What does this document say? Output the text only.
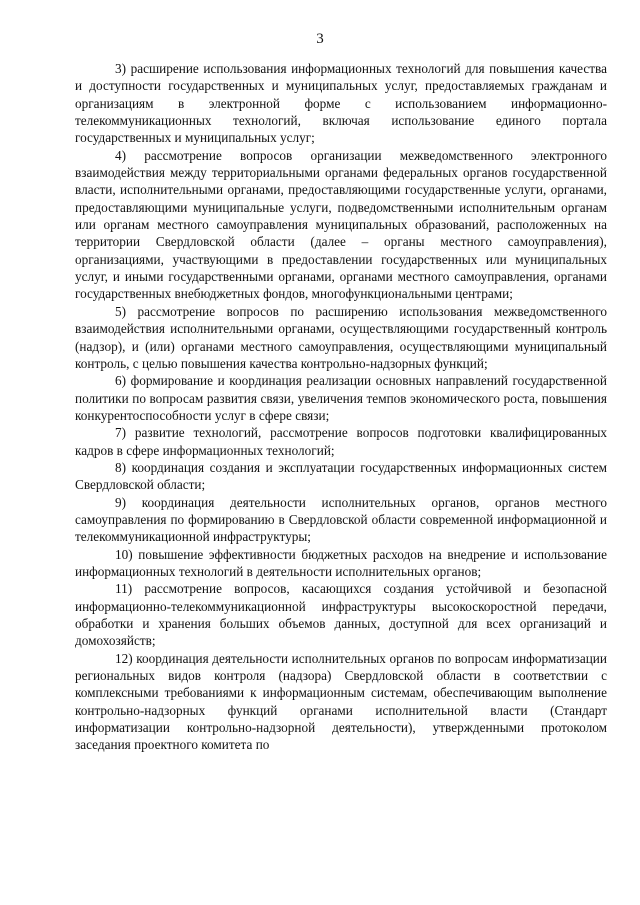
3

3) расширение использования информационных технологий для повышения качества и доступности государственных и муниципальных услуг, предоставляемых гражданам и организациям в электронной форме с использованием информационно-телекоммуникационных технологий, включая использование единого портала государственных и муниципальных услуг;

4) рассмотрение вопросов организации межведомственного электронного взаимодействия между территориальными органами федеральных органов государственной власти, исполнительными органами, предоставляющими государственные услуги, органами, предоставляющими муниципальные услуги, подведомственными исполнительным органам или органам местного самоуправления муниципальных образований, расположенных на территории Свердловской области (далее – органы местного самоуправления), организациями, участвующими в предоставлении государственных или муниципальных услуг, и иными государственными органами, органами местного самоуправления, органами государственных внебюджетных фондов, многофункциональными центрами;

5) рассмотрение вопросов по расширению использования межведомственного взаимодействия исполнительными органами, осуществляющими государственный контроль (надзор), и (или) органами местного самоуправления, осуществляющими муниципальный контроль, с целью повышения качества контрольно-надзорных функций;

6) формирование и координация реализации основных направлений государственной политики по вопросам развития связи, увеличения темпов экономического роста, повышения конкурентоспособности услуг в сфере связи;

7) развитие технологий, рассмотрение вопросов подготовки квалифицированных кадров в сфере информационных технологий;

8) координация создания и эксплуатации государственных информационных систем Свердловской области;

9) координация деятельности исполнительных органов, органов местного самоуправления по формированию в Свердловской области современной информационной и телекоммуникационной инфраструктуры;

10) повышение эффективности бюджетных расходов на внедрение и использование информационных технологий в деятельности исполнительных органов;

11) рассмотрение вопросов, касающихся создания устойчивой и безопасной информационно-телекоммуникационной инфраструктуры высокоскоростной передачи, обработки и хранения больших объемов данных, доступной для всех организаций и домохозяйств;

12) координация деятельности исполнительных органов по вопросам информатизации региональных видов контроля (надзора) Свердловской области в соответствии с комплексными требованиями к информационным системам, обеспечивающим выполнение контрольно-надзорных функций органами исполнительной власти (Стандарт информатизации контрольно-надзорной деятельности), утвержденными протоколом заседания проектного комитета по
